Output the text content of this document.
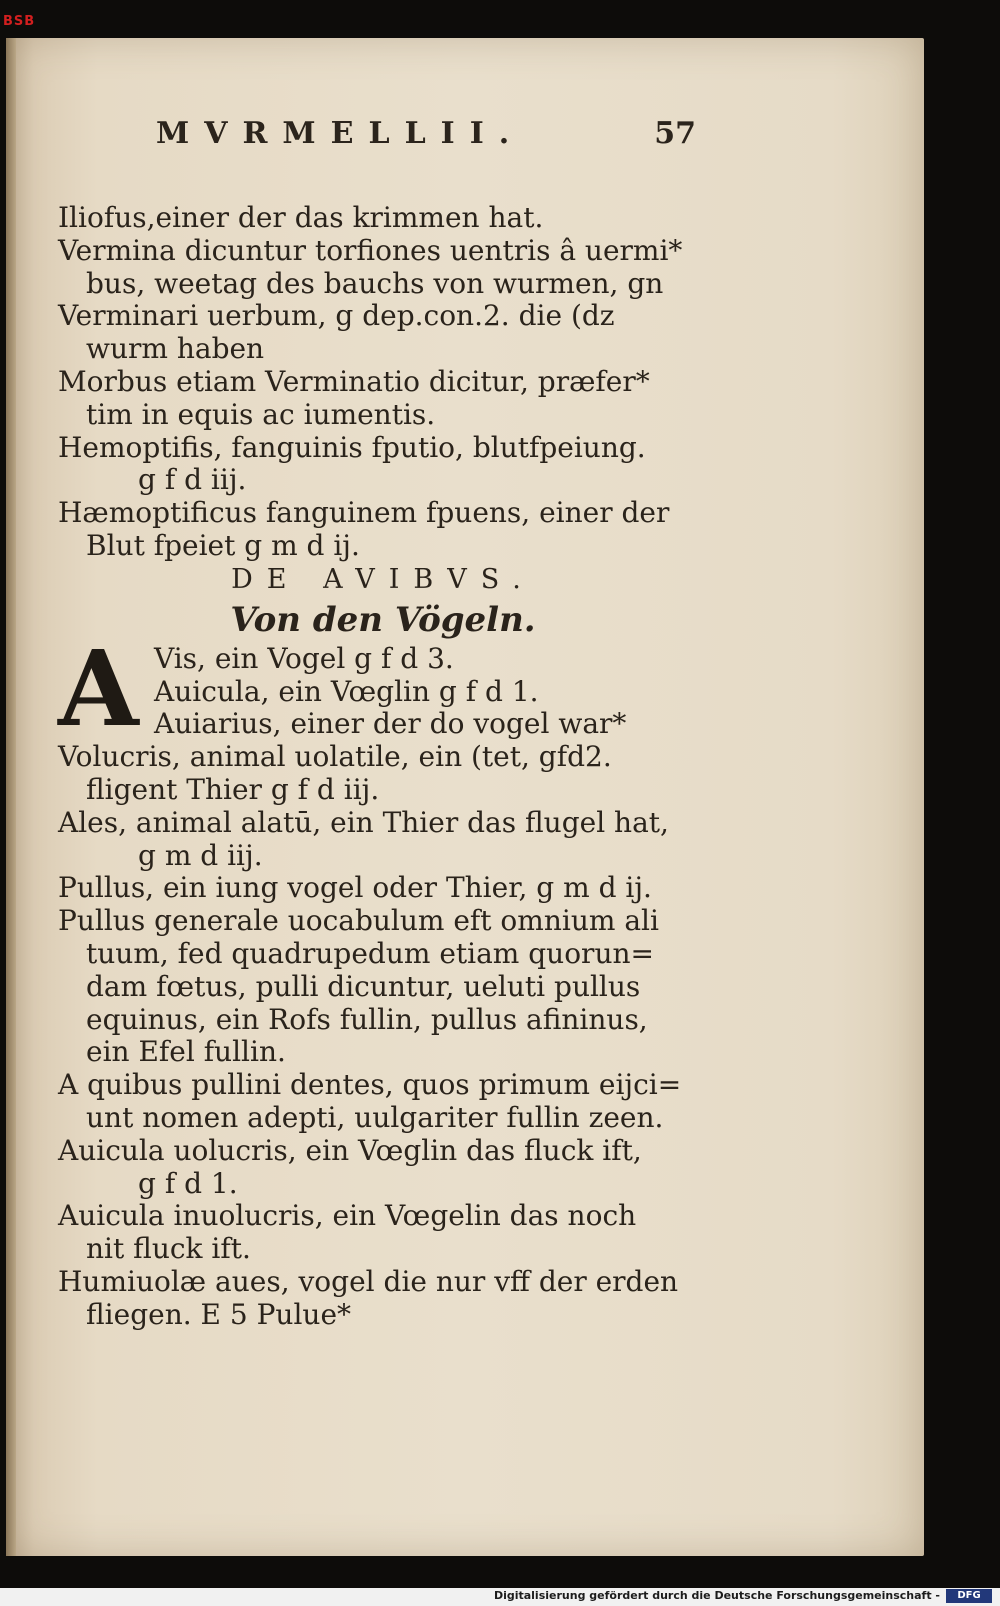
BSB
MVRMELLII.	57
Iliofus,einer der das krimmen hat.
Vermina dicuntur torfiones uentris â uermi*
bus, weetag des bauchs von wurmen, gn
Verminari uerbum, g dep.con.2. die (dz
wurm haben
Morbus etiam Verminatio dicitur, præfer*
tim in equis ac iumentis.
Hemoptifis, fanguinis fputio, blutfpeiung.
g f d iij.
Hæmoptificus fanguinem fpuens, einer der
Blut fpeiet g m d ij.
DE AVIBVS.
Von den Vögeln.
A Vis, ein Vogel g f d 3.
Auicula, ein Vœglin g f d 1.
Auiarius, einer der do vogel war*
Volucris, animal uolatile, ein (tet, gfd2.
fligent Thier g f d iij.
Ales, animal alatū, ein Thier das flugel hat,
g m d iij.
Pullus, ein iung vogel oder Thier, g m d ij.
Pullus generale uocabulum eft omnium ali
tuum, fed quadrupedum etiam quorun=
dam fœtus, pulli dicuntur, ueluti pullus
equinus, ein Rofs fullin, pullus afininus,
ein Efel fullin.
A quibus pullini dentes, quos primum eijci=
unt nomen adepti, uulgariter fullin zeen.
Auicula uolucris, ein Vœglin das fluck ift,
g f d 1.
Auicula inuolucris, ein Vœgelin das noch
nit fluck ift.
Humiuolæ aues, vogel die nur vff der erden
fliegen. E 5 Pulue*
Digitalisierung gefördert durch die Deutsche Forschungsgemeinschaft -	DFG
